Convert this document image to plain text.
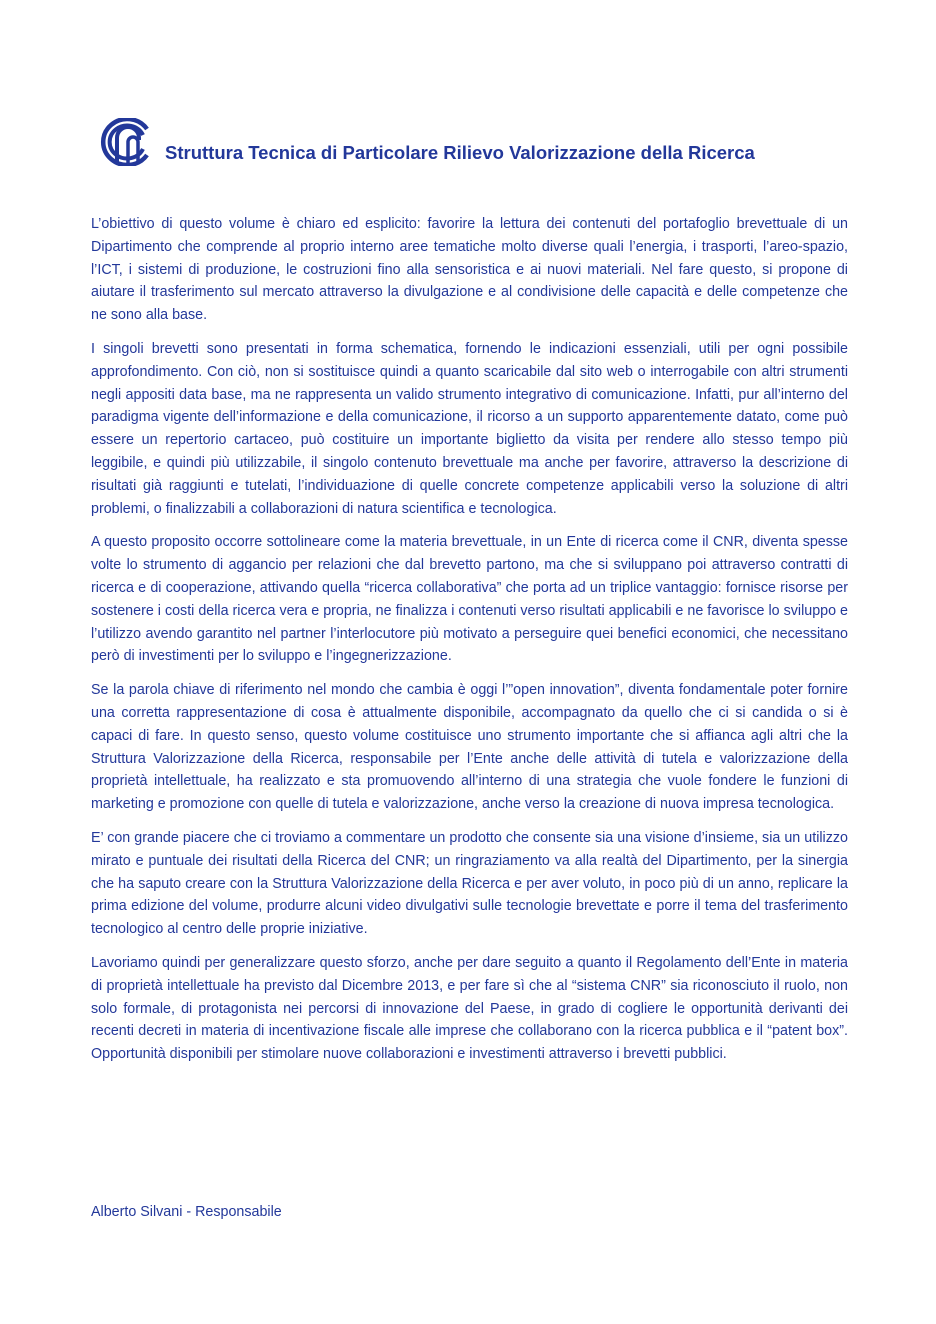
Struttura Tecnica di Particolare Rilievo Valorizzazione della Ricerca

L’obiettivo di questo volume è chiaro ed esplicito: favorire la lettura dei contenuti del portafoglio brevettuale di un Dipartimento che comprende al proprio interno aree tematiche molto diverse quali l’energia, i trasporti, l’areo-spazio, l’ICT, i sistemi di produzione, le costruzioni fino alla sensoristica e ai nuovi materiali. Nel fare questo, si propone di aiutare il trasferimento sul mercato attraverso la divulgazione e al condivisione delle capacità e delle competenze che ne sono alla base.

I singoli brevetti sono presentati in forma schematica, fornendo le indicazioni essenziali, utili per ogni possibile approfondimento. Con ciò, non si sostituisce quindi a quanto scaricabile dal sito web o interrogabile con altri strumenti negli appositi data base, ma ne rappresenta un valido strumento integrativo di comunicazione. Infatti, pur all’interno del paradigma vigente dell’informazione e della comunicazione, il ricorso a un supporto apparentemente datato, come può essere un repertorio cartaceo, può costituire un importante biglietto da visita per rendere allo stesso tempo più leggibile, e quindi più utilizzabile, il singolo contenuto brevettuale ma anche per favorire, attraverso la descrizione di risultati già raggiunti e tutelati, l’individuazione di quelle concrete competenze applicabili verso la soluzione di altri problemi, o finalizzabili a collaborazioni di natura scientifica e tecnologica.

A questo proposito occorre sottolineare come la materia brevettuale, in un Ente di ricerca come il CNR, diventa spesse volte lo strumento di aggancio per relazioni che dal brevetto partono, ma che si sviluppano poi attraverso contratti di ricerca e di cooperazione, attivando quella “ricerca collaborativa” che porta ad un triplice vantaggio: fornisce risorse per sostenere i costi della ricerca vera e propria, ne finalizza i contenuti verso risultati applicabili e ne favorisce lo sviluppo e l’utilizzo avendo garantito nel partner l’interlocutore più motivato a perseguire quei benefici economici, che necessitano però di investimenti per lo sviluppo e l’ingegnerizzazione.

Se la parola chiave di riferimento nel mondo che cambia è oggi l’”open innovation”, diventa fondamentale poter fornire una corretta rappresentazione di cosa è attualmente disponibile, accompagnato da quello che ci si candida o si è capaci di fare. In questo senso, questo volume costituisce uno strumento importante che si affianca agli altri che la Struttura Valorizzazione della Ricerca, responsabile per l’Ente anche delle attività di tutela e valorizzazione della proprietà intellettuale, ha realizzato e sta promuovendo all’interno di una strategia che vuole fondere le funzioni di marketing e promozione con quelle di tutela e valorizzazione, anche verso la creazione di nuova impresa tecnologica.

E’ con grande piacere che ci troviamo a commentare un prodotto che consente sia una visione d’insieme, sia un utilizzo mirato e puntuale dei risultati della Ricerca del CNR; un ringraziamento va alla realtà del Dipartimento, per la sinergia che ha saputo creare con la Struttura Valorizzazione della Ricerca e per aver voluto, in poco più di un anno, replicare la prima edizione del volume, produrre alcuni video divulgativi sulle tecnologie brevettate e porre il tema del trasferimento tecnologico al centro delle proprie iniziative.

Lavoriamo quindi per generalizzare questo sforzo, anche per dare seguito a quanto il Regolamento dell’Ente in materia di proprietà intellettuale ha previsto dal Dicembre 2013, e per fare sì che al “sistema CNR” sia riconosciuto il ruolo, non solo formale, di protagonista nei percorsi di innovazione del Paese, in grado di cogliere le opportunità derivanti dei recenti decreti in materia di incentivazione fiscale alle imprese che collaborano con la ricerca pubblica e il “patent box”. Opportunità disponibili per stimolare nuove collaborazioni e investimenti attraverso i brevetti pubblici.

Alberto Silvani - Responsabile
